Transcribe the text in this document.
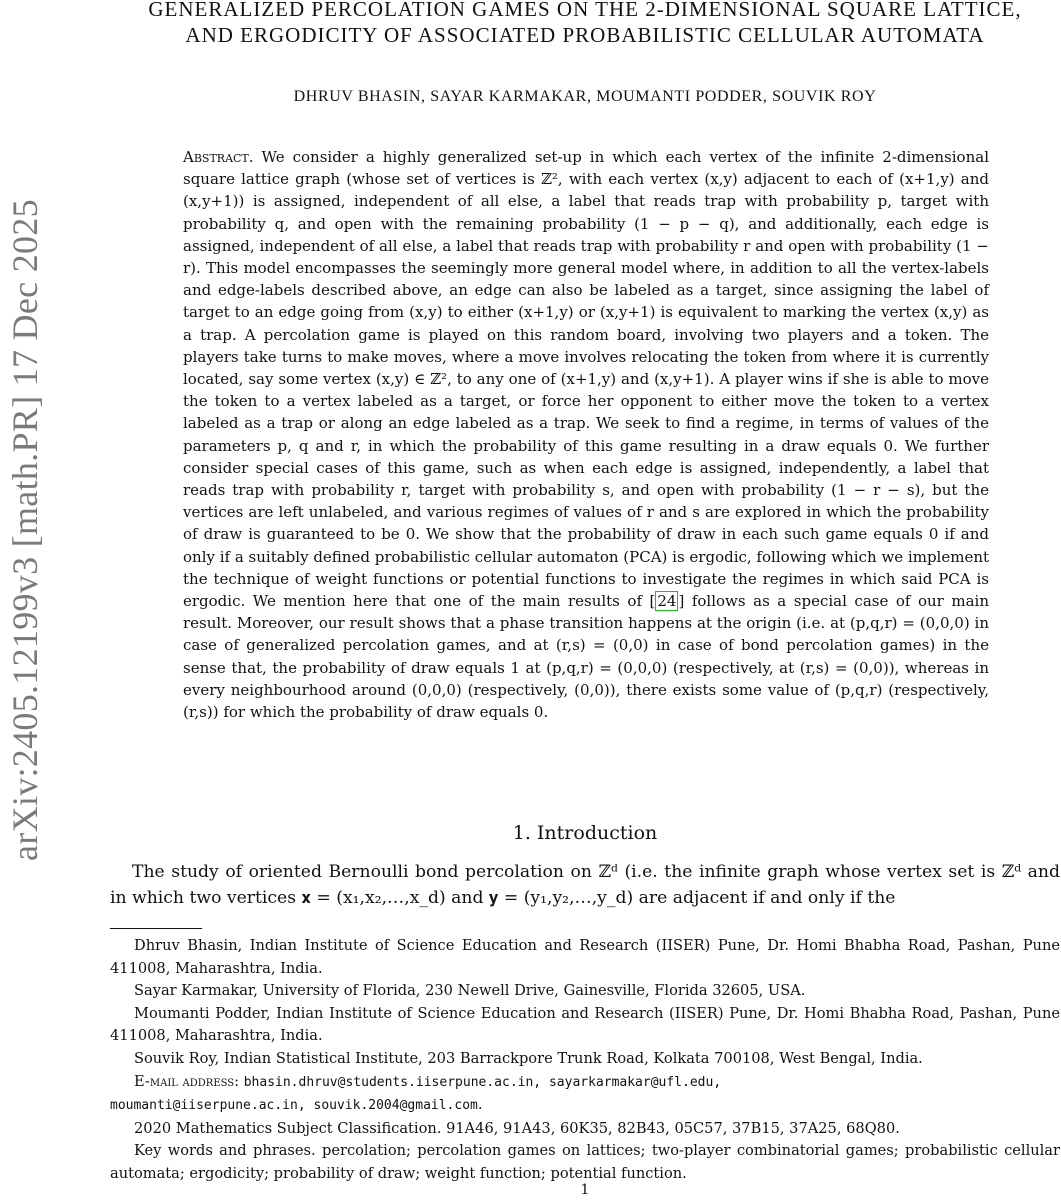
arXiv:2405.12199v3 [math.PR] 17 Dec 2025
GENERALIZED PERCOLATION GAMES ON THE 2-DIMENSIONAL SQUARE LATTICE,
AND ERGODICITY OF ASSOCIATED PROBABILISTIC CELLULAR AUTOMATA
DHRUV BHASIN, SAYAR KARMAKAR, MOUMANTI PODDER, SOUVIK ROY

Abstract. We consider a highly generalized set-up in which each vertex of the infinite 2-dimensional square lattice graph (whose set of vertices is ℤ², with each vertex (x,y) adjacent to each of (x+1,y) and (x,y+1)) is assigned, independent of all else, a label that reads trap with probability p, target with probability q, and open with the remaining probability (1 − p − q), and additionally, each edge is assigned, independent of all else, a label that reads trap with probability r and open with probability (1 − r). This model encompasses the seemingly more general model where, in addition to all the vertex-labels and edge-labels described above, an edge can also be labeled as a target, since assigning the label of target to an edge going from (x,y) to either (x+1,y) or (x,y+1) is equivalent to marking the vertex (x,y) as a trap. A percolation game is played on this random board, involving two players and a token. The players take turns to make moves, where a move involves relocating the token from where it is currently located, say some vertex (x,y) ∈ ℤ², to any one of (x+1,y) and (x,y+1). A player wins if she is able to move the token to a vertex labeled as a target, or force her opponent to either move the token to a vertex labeled as a trap or along an edge labeled as a trap. We seek to find a regime, in terms of values of the parameters p, q and r, in which the probability of this game resulting in a draw equals 0. We further consider special cases of this game, such as when each edge is assigned, independently, a label that reads trap with probability r, target with probability s, and open with probability (1 − r − s), but the vertices are left unlabeled, and various regimes of values of r and s are explored in which the probability of draw is guaranteed to be 0. We show that the probability of draw in each such game equals 0 if and only if a suitably defined probabilistic cellular automaton (PCA) is ergodic, following which we implement the technique of weight functions or potential functions to investigate the regimes in which said PCA is ergodic. We mention here that one of the main results of [ 24 ] follows as a special case of our main result. Moreover, our result shows that a phase transition happens at the origin (i.e. at (p,q,r) = (0,0,0) in case of generalized percolation games, and at (r,s) = (0,0) in case of bond percolation games) in the sense that, the probability of draw equals 1 at (p,q,r) = (0,0,0) (respectively, at (r,s) = (0,0)), whereas in every neighbourhood around (0,0,0) (respectively, (0,0)), there exists some value of (p,q,r) (respectively, (r,s)) for which the probability of draw equals 0.

1. Introduction

The study of oriented Bernoulli bond percolation on ℤᵈ (i.e. the infinite graph whose vertex set is ℤᵈ and in which two vertices 𝐱 = (x₁,x₂,…,x_d) and 𝐲 = (y₁,y₂,…,y_d) are adjacent if and only if the

Dhruv Bhasin, Indian Institute of Science Education and Research (IISER) Pune, Dr. Homi Bhabha Road, Pashan, Pune 411008, Maharashtra, India.

Sayar Karmakar, University of Florida, 230 Newell Drive, Gainesville, Florida 32605, USA.

Moumanti Podder, Indian Institute of Science Education and Research (IISER) Pune, Dr. Homi Bhabha Road, Pashan, Pune 411008, Maharashtra, India.

Souvik Roy, Indian Statistical Institute, 203 Barrackpore Trunk Road, Kolkata 700108, West Bengal, India.

E-mail address: bhasin.dhruv@students.iiserpune.ac.in, sayarkarmakar@ufl.edu,

moumanti@iiserpune.ac.in, souvik.2004@gmail.com.

2020 Mathematics Subject Classification. 91A46, 91A43, 60K35, 82B43, 05C57, 37B15, 37A25, 68Q80.

Key words and phrases. percolation; percolation games on lattices; two-player combinatorial games; probabilistic cellular automata; ergodicity; probability of draw; weight function; potential function.

1
